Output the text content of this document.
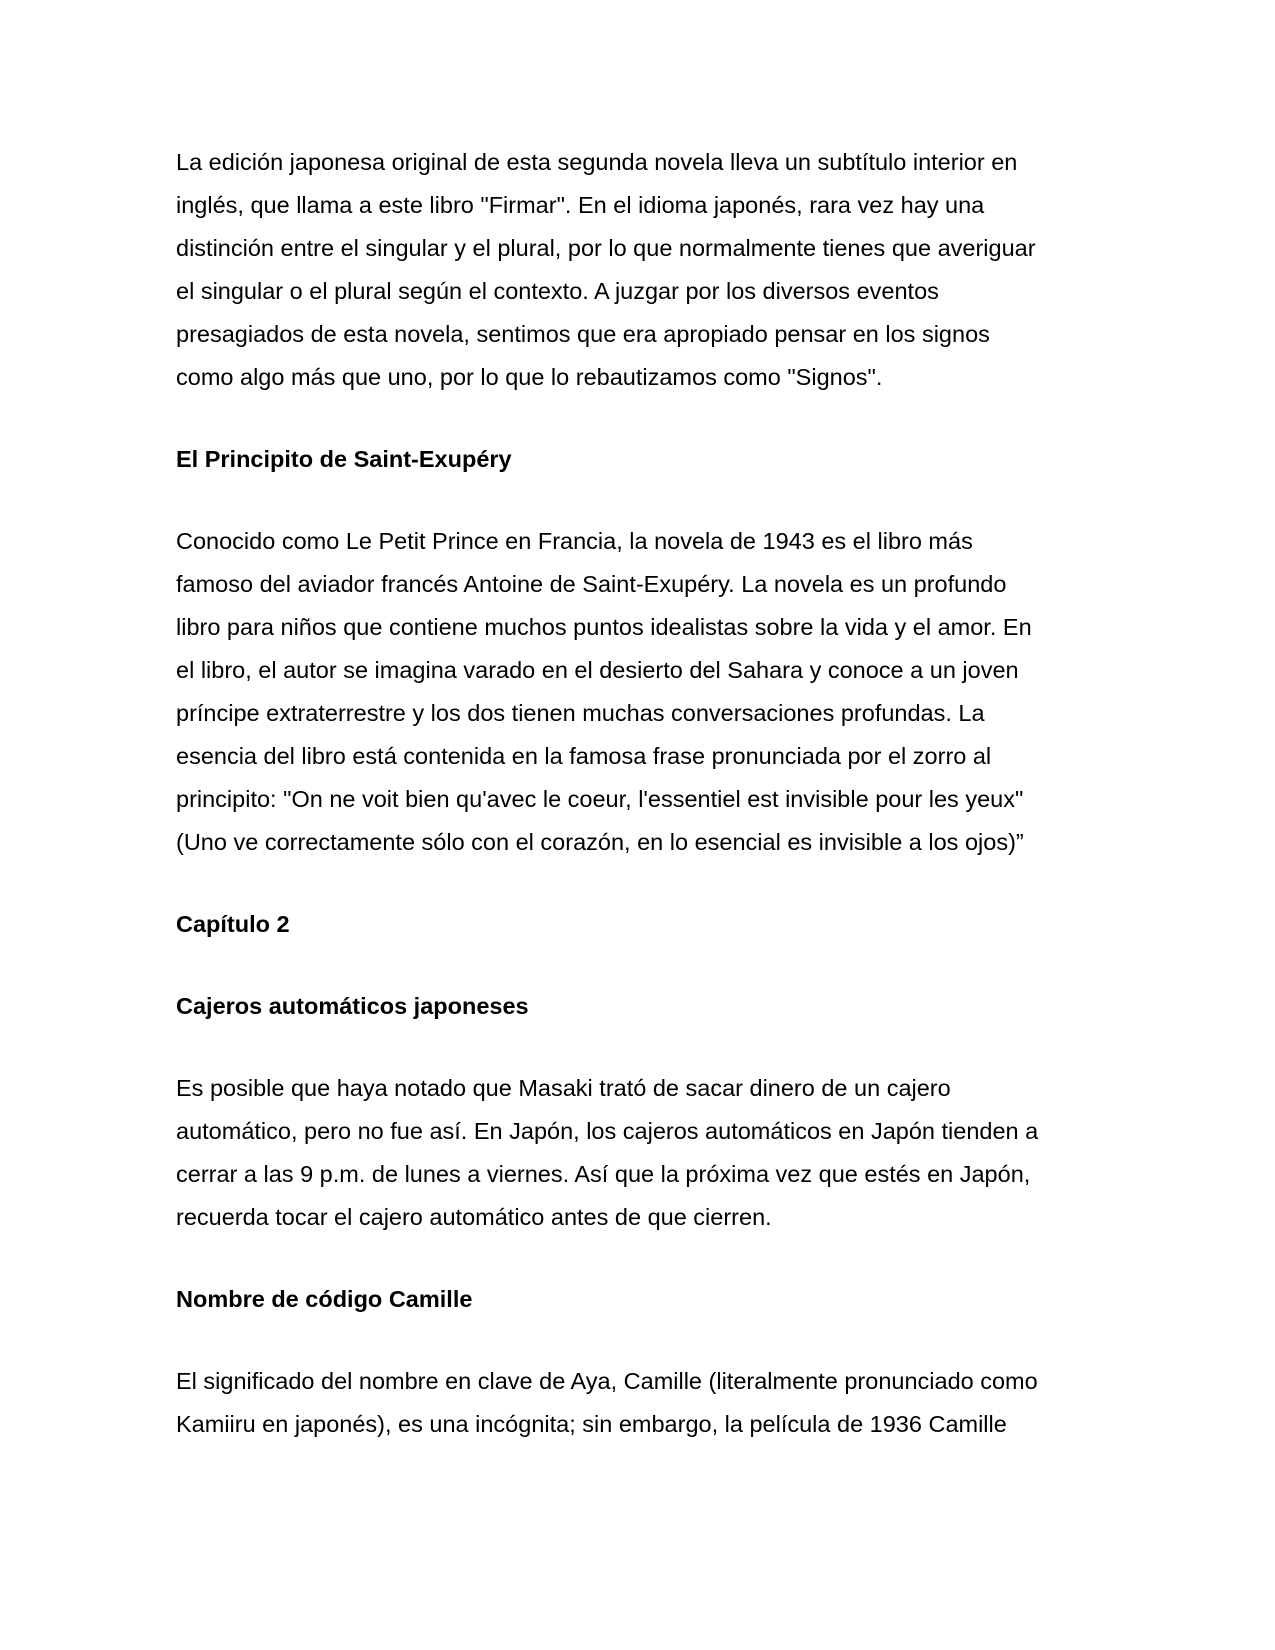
La edición japonesa original de esta segunda novela lleva un subtítulo interior en
inglés, que llama a este libro "Firmar". En el idioma japonés, rara vez hay una
distinción entre el singular y el plural, por lo que normalmente tienes que averiguar
el singular o el plural según el contexto. A juzgar por los diversos eventos
presagiados de esta novela, sentimos que era apropiado pensar en los signos
como algo más que uno, por lo que lo rebautizamos como "Signos".
El Principito de Saint-Exupéry
Conocido como Le Petit Prince en Francia, la novela de 1943 es el libro más
famoso del aviador francés Antoine de Saint-Exupéry. La novela es un profundo
libro para niños que contiene muchos puntos idealistas sobre la vida y el amor. En
el libro, el autor se imagina varado en el desierto del Sahara y conoce a un joven
príncipe extraterrestre y los dos tienen muchas conversaciones profundas. La
esencia del libro está contenida en la famosa frase pronunciada por el zorro al
principito: "On ne voit bien qu'avec le coeur, l'essentiel est invisible pour les yeux"
(Uno ve correctamente sólo con el corazón, en lo esencial es invisible a los ojos)”
Capítulo 2
Cajeros automáticos japoneses
Es posible que haya notado que Masaki trató de sacar dinero de un cajero
automático, pero no fue así. En Japón, los cajeros automáticos en Japón tienden a
cerrar a las 9 p.m. de lunes a viernes. Así que la próxima vez que estés en Japón,
recuerda tocar el cajero automático antes de que cierren.
Nombre de código Camille
El significado del nombre en clave de Aya, Camille (literalmente pronunciado como
Kamiiru en japonés), es una incógnita; sin embargo, la película de 1936 Camille
